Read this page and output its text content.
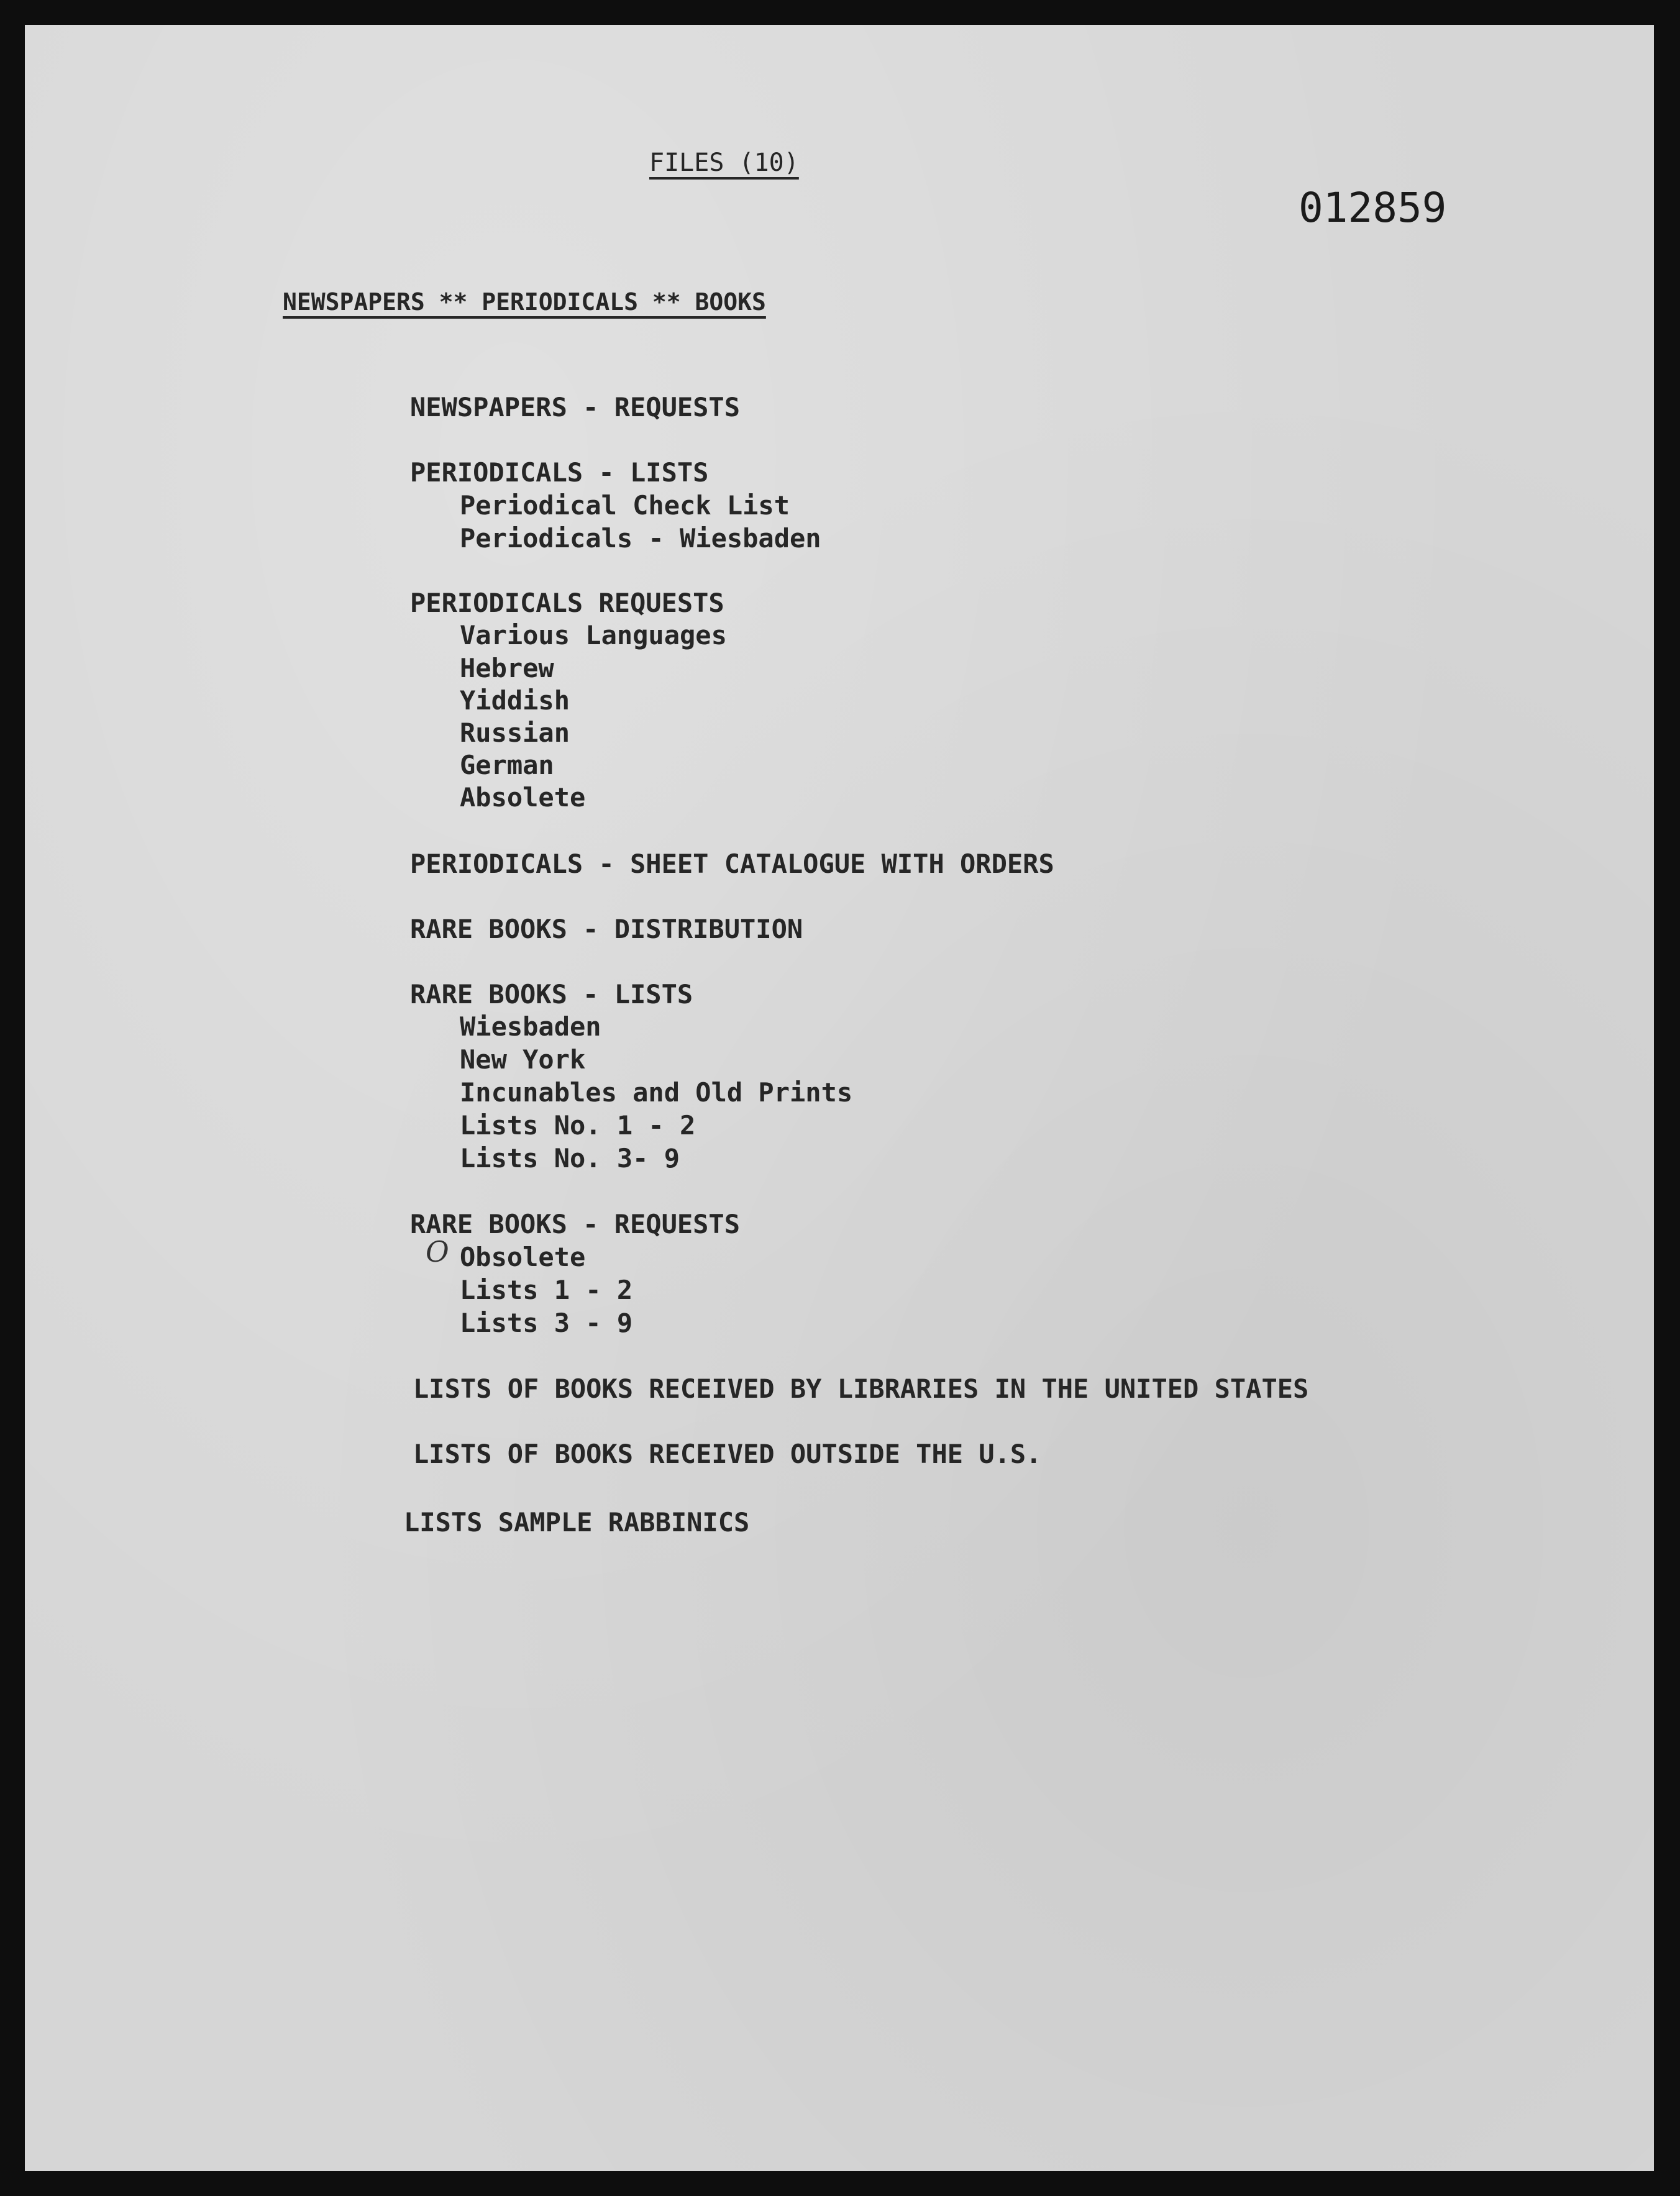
FILES (10)
012859
NEWSPAPERS ** PERIODICALS ** BOOKS
NEWSPAPERS - REQUESTS
PERIODICALS - LISTS
Periodical Check List
Periodicals - Wiesbaden
PERIODICALS REQUESTS
Various Languages
Hebrew
Yiddish
Russian
German
Absolete
PERIODICALS - SHEET CATALOGUE WITH ORDERS
RARE BOOKS - DISTRIBUTION
RARE BOOKS - LISTS
Wiesbaden
New York
Incunables and Old Prints
Lists No. 1 - 2
Lists No. 3- 9
RARE BOOKS - REQUESTS
O Obsolete
Lists 1 - 2
Lists 3 - 9
LISTS OF BOOKS RECEIVED BY LIBRARIES IN THE UNITED STATES
LISTS OF BOOKS RECEIVED OUTSIDE THE U.S.
LISTS SAMPLE RABBINICS
